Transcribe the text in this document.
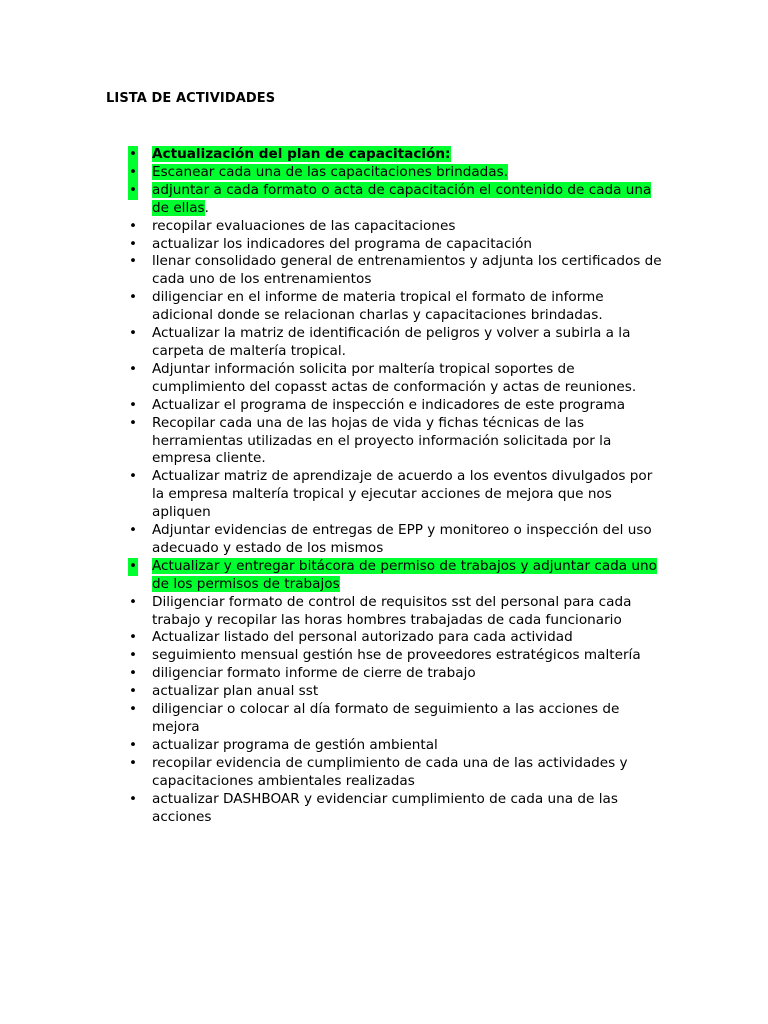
LISTA DE ACTIVIDADES
• Actualización del plan de capacitación:
• Escanear cada una de las capacitaciones brindadas.
• adjuntar a cada formato o acta de capacitación el contenido de cada una de ellas.
• recopilar evaluaciones de las capacitaciones
• actualizar los indicadores del programa de capacitación
• llenar consolidado general de entrenamientos y adjunta los certificados de cada uno de los entrenamientos
• diligenciar en el informe de materia tropical el formato de informe adicional donde se relacionan charlas y capacitaciones brindadas.
• Actualizar la matriz de identificación de peligros y volver a subirla a la carpeta de maltería tropical.
• Adjuntar información solicita por maltería tropical soportes de cumplimiento del copasst actas de conformación y actas de reuniones.
• Actualizar el programa de inspección e indicadores de este programa
• Recopilar cada una de las hojas de vida y fichas técnicas de las herramientas utilizadas en el proyecto información solicitada por la empresa cliente.
• Actualizar matriz de aprendizaje de acuerdo a los eventos divulgados por la empresa maltería tropical y ejecutar acciones de mejora que nos apliquen
• Adjuntar evidencias de entregas de EPP y monitoreo o inspección del uso adecuado y estado de los mismos
• Actualizar y entregar bitácora de permiso de trabajos y adjuntar cada uno de los permisos de trabajos
• Diligenciar formato de control de requisitos sst del personal para cada trabajo y recopilar las horas hombres trabajadas de cada funcionario
• Actualizar listado del personal autorizado para cada actividad
• seguimiento mensual gestión hse de proveedores estratégicos maltería
• diligenciar formato informe de cierre de trabajo
• actualizar plan anual sst
• diligenciar o colocar al día formato de seguimiento a las acciones de mejora
• actualizar programa de gestión ambiental
• recopilar evidencia de cumplimiento de cada una de las actividades y capacitaciones ambientales realizadas
• actualizar DASHBOAR y evidenciar cumplimiento de cada una de las acciones
